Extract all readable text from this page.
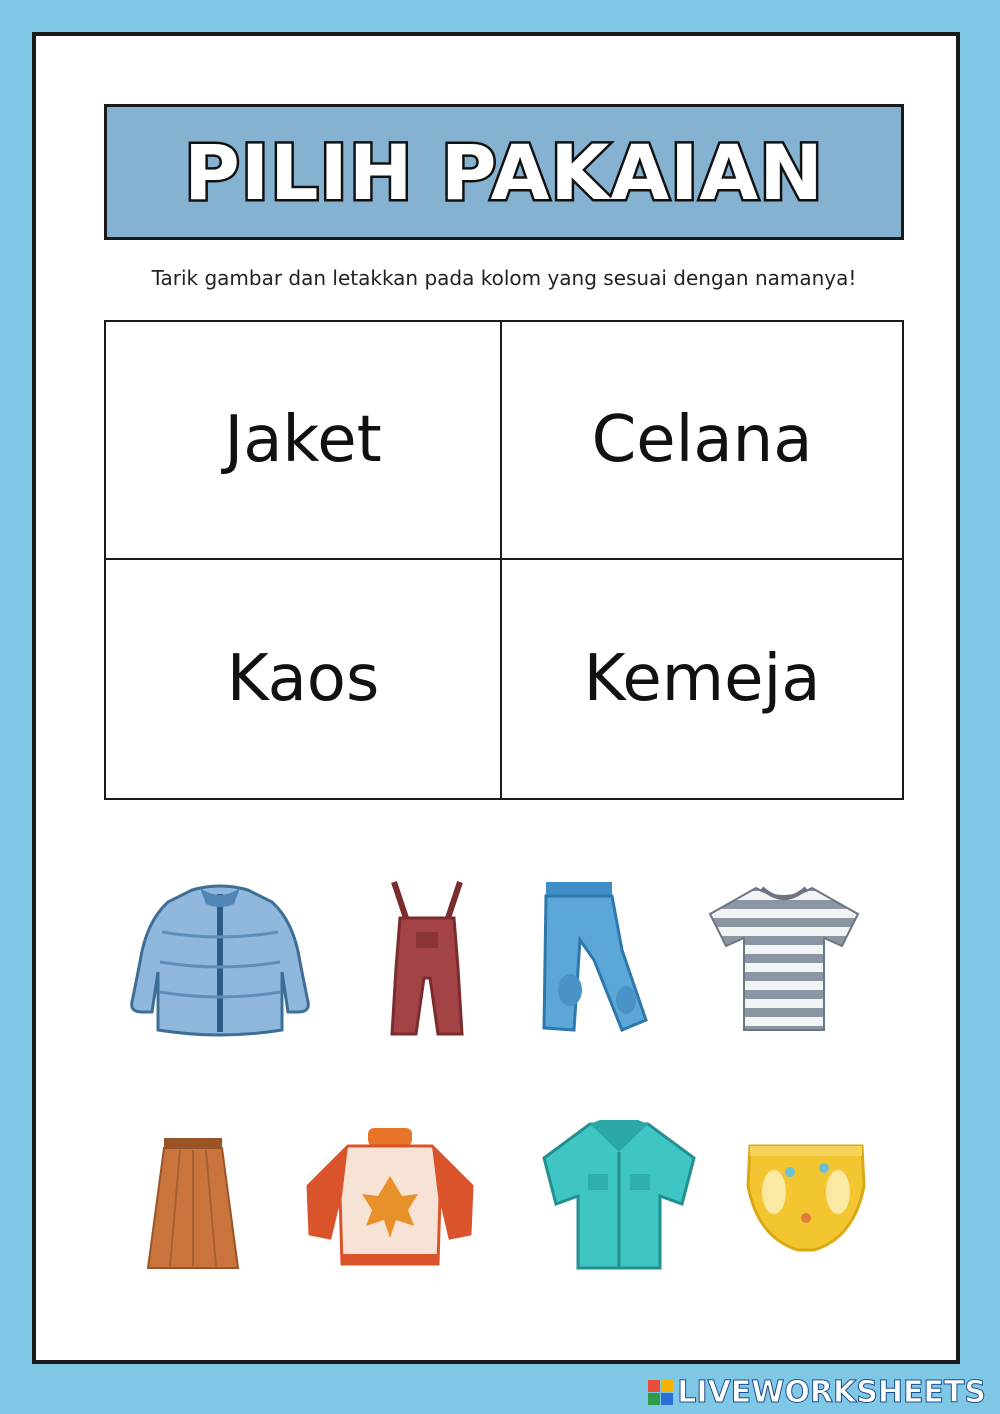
PILIH PAKAIAN
Tarik gambar dan letakkan pada kolom yang sesuai dengan namanya!
Jaket	Celana
Kaos	Kemeja
LIVEWORKSHEETS
